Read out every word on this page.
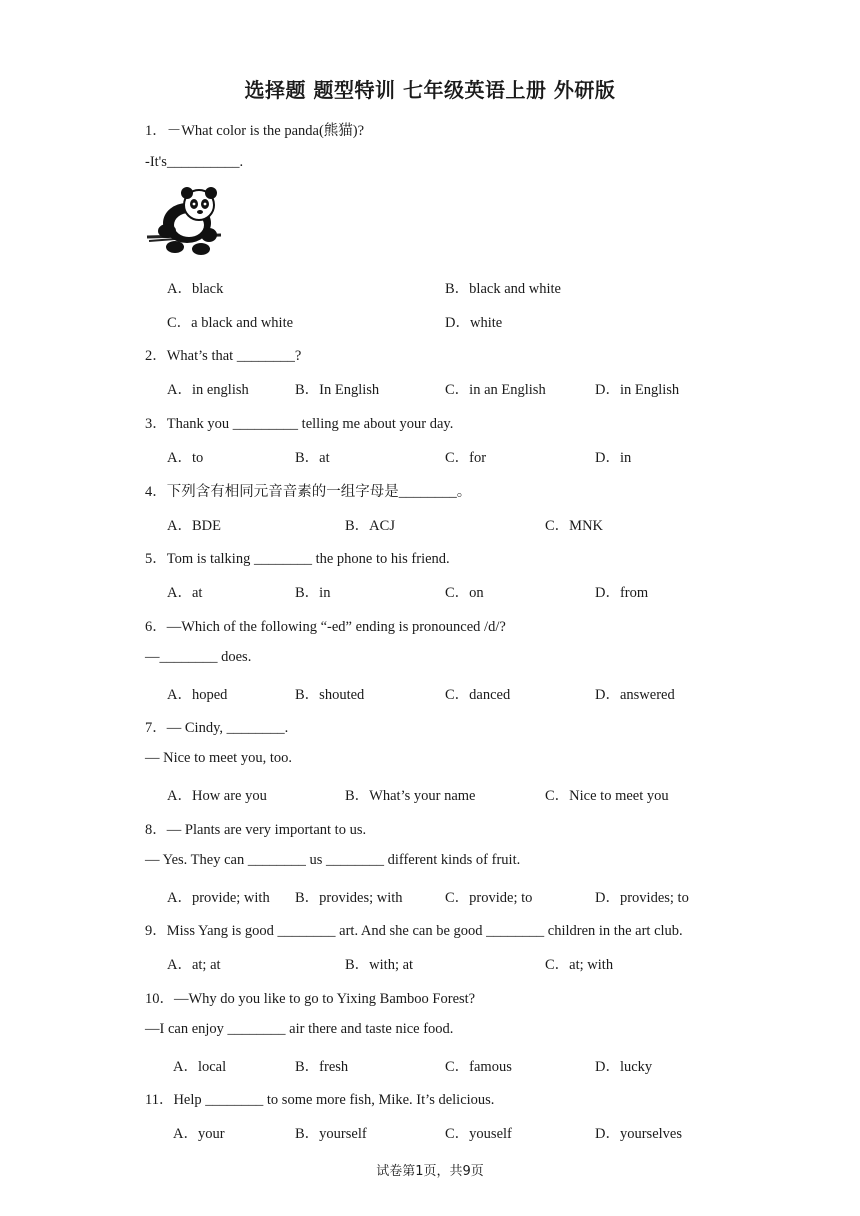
选择题 题型特训 七年级英语上册 外研版
1．－What color is the panda(熊猫)?
-It's__________.
A．black	B．black and white
C．a black and white	D．white
2．What’s that ________?
A．in english	B．In English	C．in an English	D．in English
3．Thank you _________ telling me about your day.
A．to	B．at	C．for	D．in
4．下列含有相同元音音素的一组字母是________。
A．BDE	B．ACJ	C．MNK
5．Tom is talking ________ the phone to his friend.
A．at	B．in	C．on	D．from
6．—Which of the following “-ed” ending is pronounced /d/?
—________ does.
A．hoped	B．shouted	C．danced	D．answered
7．— Cindy, ________.
— Nice to meet you, too.
A．How are you	B．What’s your name	C．Nice to meet you
8．— Plants are very important to us.
— Yes. They can ________ us ________ different kinds of fruit.
A．provide; with B．provides; with	C．provide; to	D．provides; to
9．Miss Yang is good ________ art. And she can be good ________ children in the art club.
A．at; at	B．with; at	C．at; with
10．—Why do you like to go to Yixing Bamboo Forest?
—I can enjoy ________ air there and taste nice food.
A．local	B．fresh	C．famous	D．lucky
11．Help ________ to some more fish, Mike. It’s delicious.
A．your	B．yourself	C．youself	D．yourselves
试卷第1页，共9页
